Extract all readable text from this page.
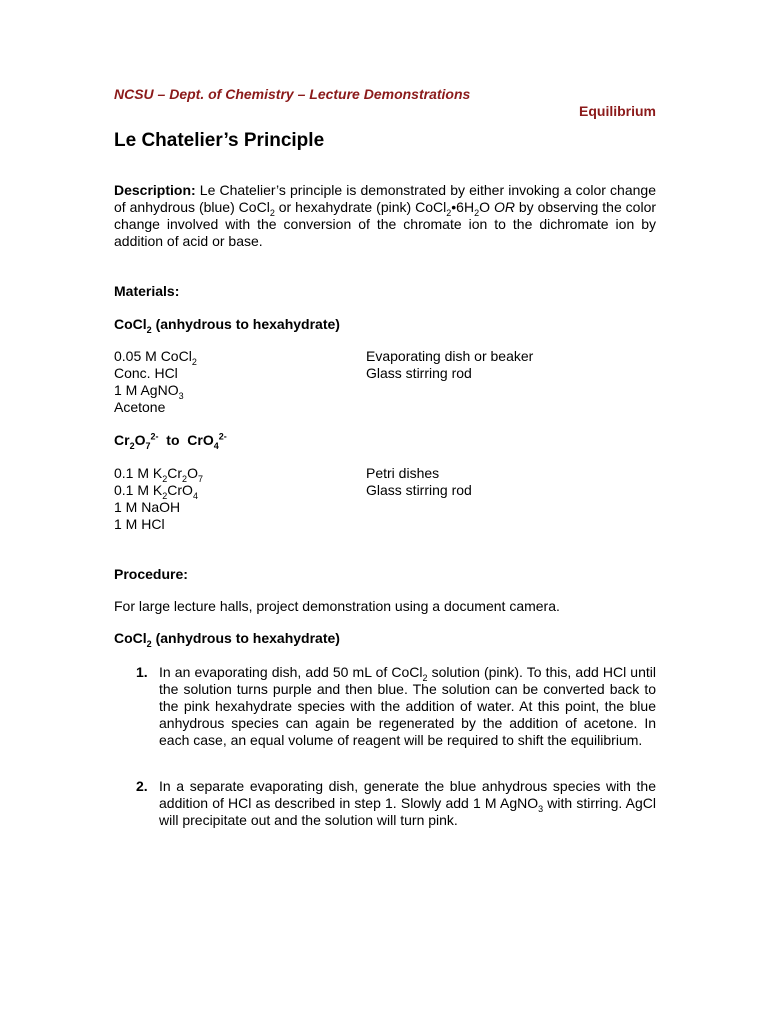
NCSU – Dept. of Chemistry – Lecture Demonstrations
Equilibrium
Le Chatelier’s Principle
Description: Le Chatelier’s principle is demonstrated by either invoking a color change of anhydrous (blue) CoCl$_2$ or hexahydrate (pink) $CoCl_2•6H_2O$ OR by observing the color change involved with the conversion of the chromate ion to the dichromate ion by addition of acid or base.
Materials:
CoCl$_2$ (anhydrous to hexahydrate)
0.05 M CoCl$_2$
Conc. HCl
1 M AgNO$_3$
Acetone
Evaporating dish or beaker
Glass stirring rod
$Cr_2O_7^{2-}$  to  CrO$_4^{2-}$
0.1 M $K_2Cr_2O_7$
0.1 M $K_2CrO_4$
1 M NaOH
1 M HCl
Petri dishes
Glass stirring rod
Procedure:
For large lecture halls, project demonstration using a document camera.
CoCl$_2$ (anhydrous to hexahydrate)
1. In an evaporating dish, add 50 mL of CoCl$_2$ solution (pink). To this, add HCl until the solution turns purple and then blue. The solution can be converted back to the pink hexahydrate species with the addition of water. At this point, the blue anhydrous species can again be regenerated by the addition of acetone. In each case, an equal volume of reagent will be required to shift the equilibrium.
2. In a separate evaporating dish, generate the blue anhydrous species with the addition of HCl as described in step 1. Slowly add 1 M AgNO$_3$ with stirring. AgCl will precipitate out and the solution will turn pink.
